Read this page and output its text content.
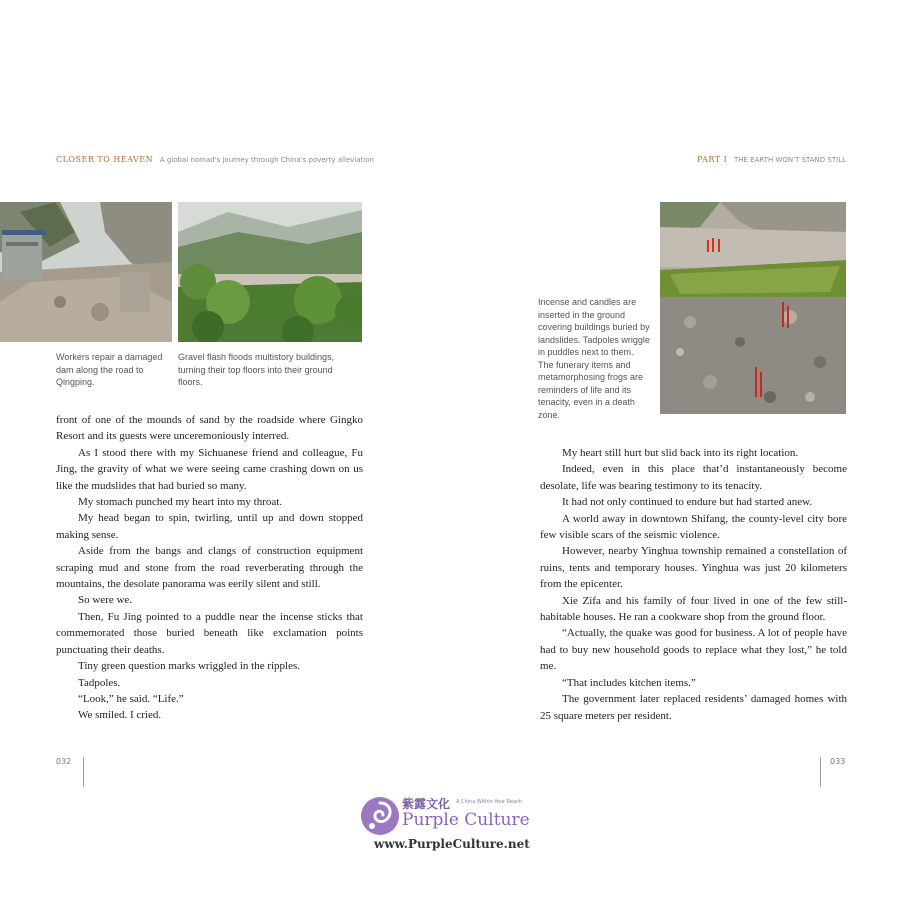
CLOSER TO HEAVEN A global nomad's journey through China's poverty alleviation	PART I THE EARTH WON'T STAND STILL
Workers repair a damaged dam along the road to Qingping.
Gravel flash floods multistory buildings, turning their top floors into their ground floors.
Incense and candles are inserted in the ground covering buildings buried by landslides. Tadpoles wriggle in puddles next to them. The funerary items and metamorphosing frogs are reminders of life and its tenacity, even in a death zone.

front of one of the mounds of sand by the roadside where Gingko Resort and its guests were unceremoniously interred.

As I stood there with my Sichuanese friend and colleague, Fu Jing, the gravity of what we were seeing came crashing down on us like the mudslides that had buried so many.

My stomach punched my heart into my throat.

My head began to spin, twirling, until up and down stopped making sense.

Aside from the bangs and clangs of construction equipment scraping mud and stone from the road reverberating through the mountains, the desolate panorama was eerily silent and still.

So were we.

Then, Fu Jing pointed to a puddle near the incense sticks that commemorated those buried beneath like exclamation points punctuating their deaths.

Tiny green question marks wriggled in the ripples.

Tadpoles.

“Look,” he said. “Life.”

We smiled. I cried.

My heart still hurt but slid back into its right location.

Indeed, even in this place that’d instantaneously become desolate, life was bearing testimony to its tenacity.

It had not only continued to endure but had started anew.

A world away in downtown Shifang, the county-level city bore few visible scars of the seismic violence.

However, nearby Yinghua township remained a constellation of ruins, tents and temporary houses. Yinghua was just 20 kilometers from the epicenter.

Xie Zifa and his family of four lived in one of the few still-habitable houses. He ran a cookware shop from the ground floor.

“Actually, the quake was good for business. A lot of people have had to buy new household goods to replace what they lost,” he told me.

“That includes kitchen items.”

The government later replaced residents’ damaged homes with 25 square meters per resident.

032	033
紫露文化 A China Within Your Reach
Purple Culture
www.PurpleCulture.net
